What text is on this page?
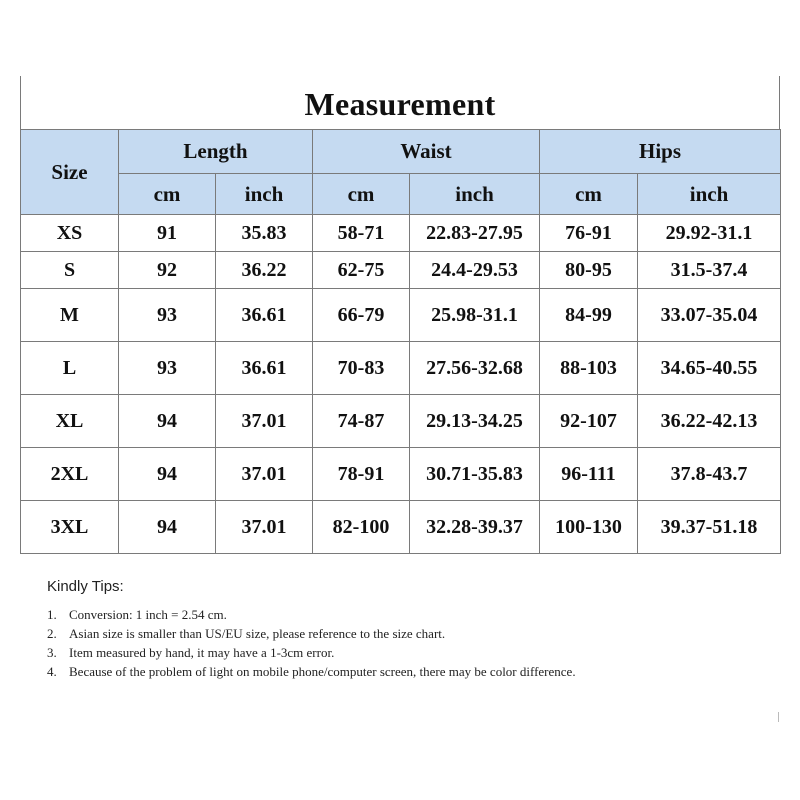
Measurement
Size	Length		Waist		Hips	
	cm	inch	cm	inch	cm	inch
XS	91	35.83	58-71	22.83-27.95	76-91	29.92-31.1
S	92	36.22	62-75	24.4-29.53	80-95	31.5-37.4
M	93	36.61	66-79	25.98-31.1	84-99	33.07-35.04
L	93	36.61	70-83	27.56-32.68	88-103	34.65-40.55
XL	94	37.01	74-87	29.13-34.25	92-107	36.22-42.13
2XL	94	37.01	78-91	30.71-35.83	96-111	37.8-43.7
3XL	94	37.01	82-100	32.28-39.37	100-130	39.37-51.18
Kindly Tips:
1. Conversion: 1 inch = 2.54 cm.
2. Asian size is smaller than US/EU size, please reference to the size chart.
3. Item measured by hand, it may have a 1-3cm error.
4. Because of the problem of light on mobile phone/computer screen, there may be color difference.
